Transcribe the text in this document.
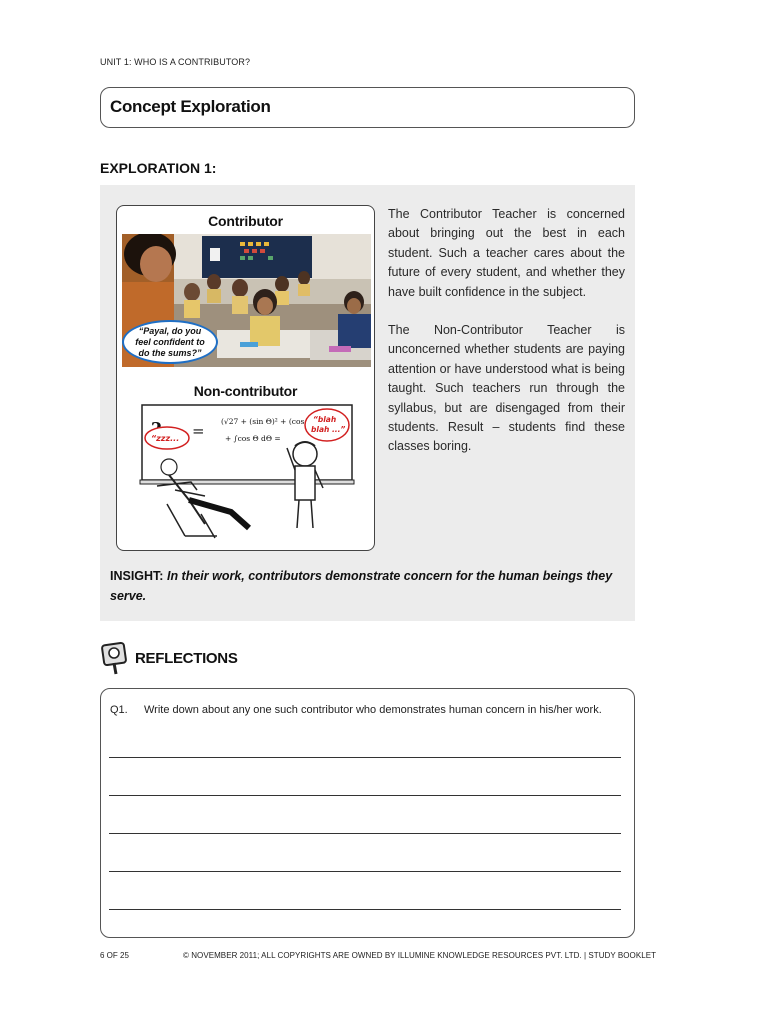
UNIT 1: WHO IS A CONTRIBUTOR?
Concept Exploration
EXPLORATION 1:
Contributor
“Payal, do you feel confident to do the sums?”
Non-contributor
=
(√27 + (sin Θ)² + (cos
+ ∫cos Θ dΘ =
“zzz...
“blah
blah ...”

The Contributor Teacher is concerned about bringing out the best in each student. Such a teacher cares about the future of every student, and whether they have built confidence in the subject.

The Non-Contributor Teacher is unconcerned whether students are paying attention or have understood what is being taught. Such teachers run through the syllabus, but are disengaged from their students. Result – students find these classes boring.

INSIGHT: In their work, contributors demonstrate concern for the human beings they serve.
REFLECTIONS
Q1. Write down about any one such contributor who demonstrates human concern in his/her work.
6 OF 25	© NOVEMBER 2011; ALL COPYRIGHTS ARE OWNED BY ILLUMINE KNOWLEDGE RESOURCES PVT. LTD. | STUDY BOOKLET
